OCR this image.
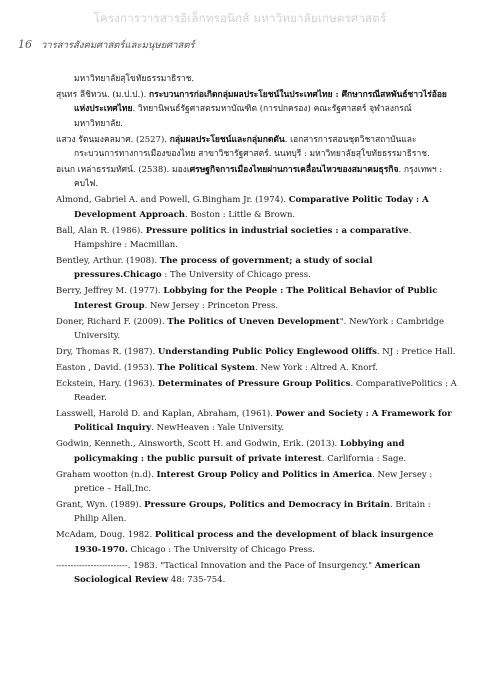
โครงการวารสารอิเล็กทรอนิกส์ มหาวิทยาลัยเกษตรศาสตร์
16 วารสารสังคมศาสตร์และมนุษยศาสตร์

มหาวิทยาลัยสุโขทัยธรรมาธิราช.

สุนทร ลีชิทวน. (ม.ป.ป.). กระบวนการก่อเกิดกลุ่มผลประโยชน์ในประเทศไทย : ศึกษากรณีสหพันธ์ชาวไร่อ้อยแห่งประเทศไทย. วิทยานิพนธ์รัฐศาสตรมหาบัณฑิต (การปกครอง) คณะรัฐศาสตร์ จุฬาลงกรณ์มหาวิทยาลัย.

แสวง รัตนมงคลมาศ. (2527). กลุ่มผลประโยชน์และกลุ่มกดดัน. เอกสารการสอนชุดวิชาสถาบันและกระบวนการทางการเมืองของไทย สาขาวิชารัฐศาสตร์. นนทบุรี : มหาวิทยาลัยสุโขทัยธรรมาธิราช.

อเนก เหล่าธรรมทัศน์. (2538). มองเศรษฐกิจการเมืองไทยผ่านการเคลื่อนไหวของสมาคมธุรกิจ. กรุงเทพฯ : คบไฟ.

Almond, Gabriel A. and Powell, G.Bingham Jr. (1974). Comparative Politic Today : A Development Approach. Boston : Little & Brown.

Ball, Alan R. (1986). Pressure politics in industrial societies : a comparative. Hampshire : Macmillan.

Bentley, Arthur. (1908). The process of government; a study of social pressures.Chicago : The University of Chicago press.

Berry, Jeffrey M. (1977). Lobbying for the People : The Political Behavior of Public Interest Group. New Jersey : Princeton Press.

Doner, Richard F. (2009). The Politics of Uneven Development". NewYork : Cambridge University.

Dry, Thomas R. (1987). Understanding Public Policy Englewood Oliffs. NJ : Pretice Hall.

Easton , David. (1953). The Political System. New York : Altred A. Knorf.

Eckstein, Hary. (1963). Determinates of Pressure Group Politics. ComparativePolitics : A Reader.

Lasswell, Harold D. and Kaplan, Abraham, (1961). Power and Society : A Framework for Political Inquiry. NewHeaven : Yale University.

Godwin, Kenneth., Ainsworth, Scott H. and Godwin, Erik. (2013). Lobbying and policymaking : the public pursuit of private interest. Carlifornia : Sage.

Graham wootton (n.d). Interest Group Policy and Politics in America. New Jersey : pretice – Hall,Inc.

Grant, Wyn. (1989). Pressure Groups, Politics and Democracy in Britain. Britain : Philip Allen.

McAdam, Doug. 1982. Political process and the development of black insurgence 1930-1970. Chicago : The University of Chicago Press.

-------------------------. 1983. "Tactical Innovation and the Pace of Insurgency." American Sociological Review 48: 735-754.
